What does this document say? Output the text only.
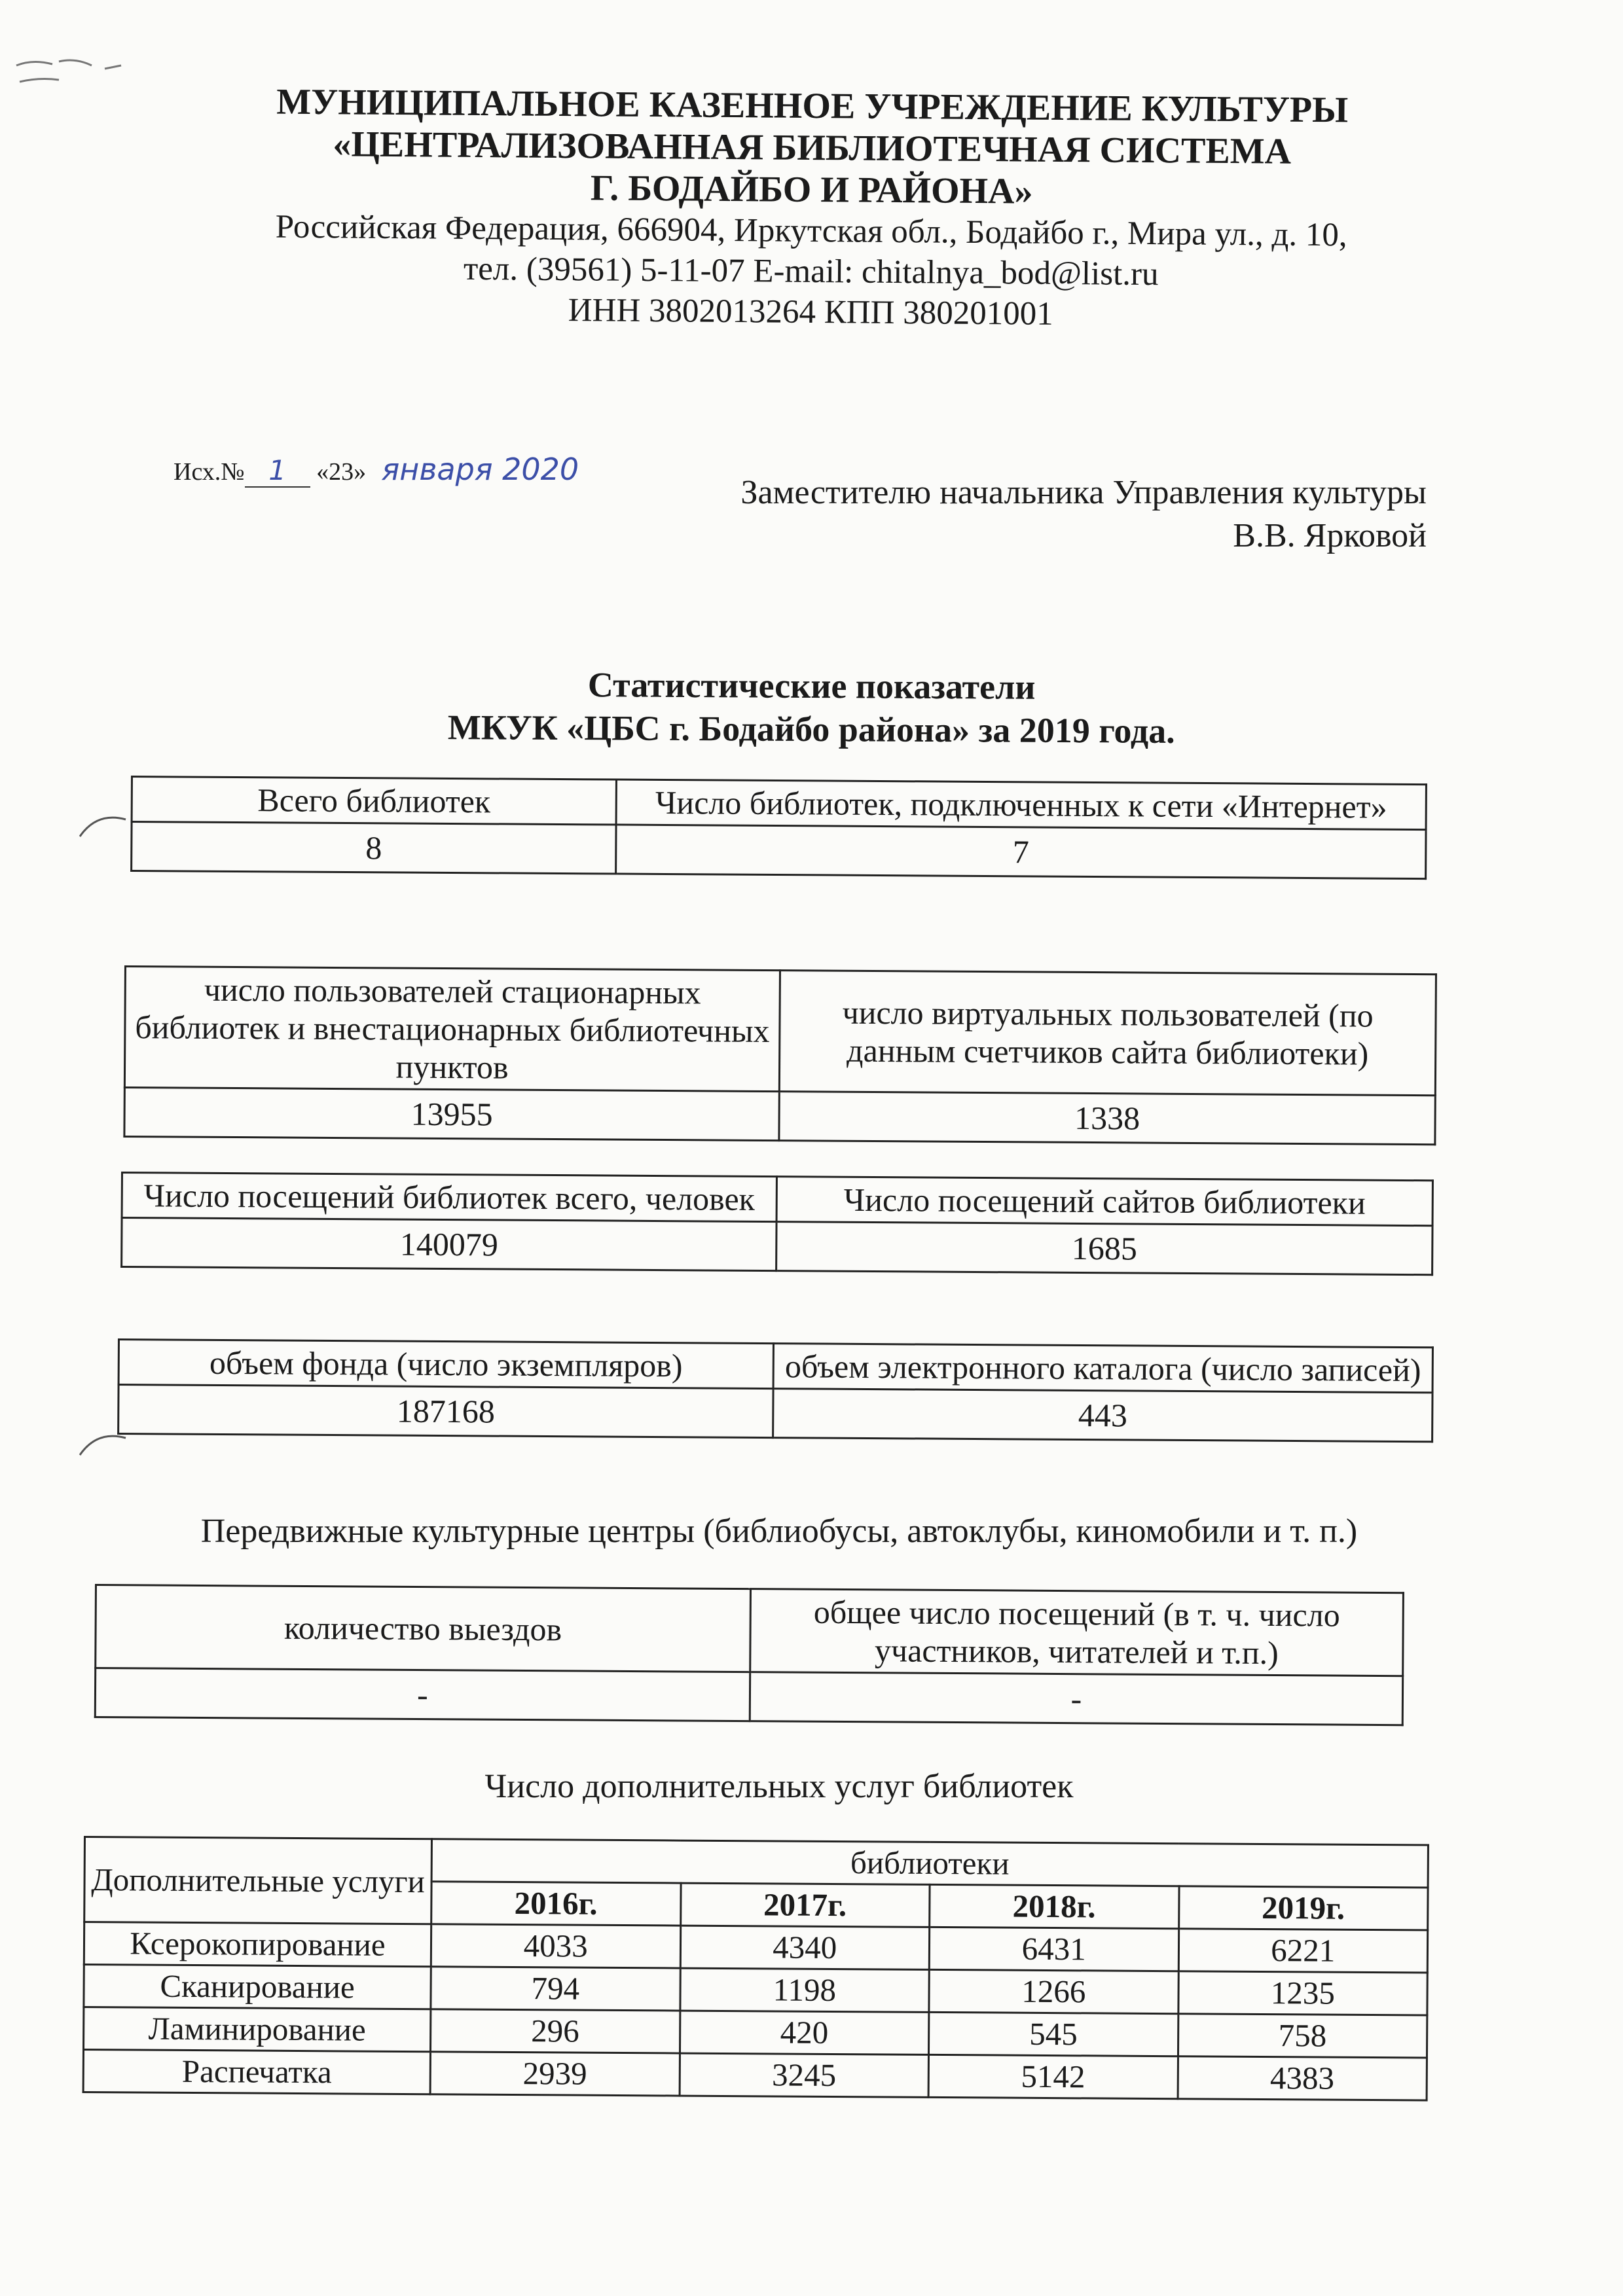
МУНИЦИПАЛЬНОЕ КАЗЕННОЕ УЧРЕЖДЕНИЕ КУЛЬТУРЫ
«ЦЕНТРАЛИЗОВАННАЯ БИБЛИОТЕЧНАЯ СИСТЕМА
Г. БОДАЙБО И РАЙОНА»
Российская Федерация, 666904, Иркутская обл., Бодайбо г., Мира ул., д. 10,
тел. (39561) 5-11-07 E-mail: chitalnya_bod@list.ru
ИНН 3802013264 КПП 380201001
Исх.№ 1 «23» января 2020
Заместителю начальника Управления культуры
В.В. Ярковой
Статистические показатели
МКУК «ЦБС г. Бодайбо района» за 2019 года.
Всего библиотек	Число библиотек, подключенных к сети «Интернет»
8	7
число пользователей стационарных библиотек и внестационарных библиотечных пунктов	число виртуальных пользователей (по данным счетчиков сайта библиотеки)
13955	1338
Число посещений библиотек всего, человек	Число посещений сайтов библиотеки
140079	1685
объем фонда (число экземпляров)	объем электронного каталога (число записей)
187168	443
Передвижные культурные центры (библиобусы, автоклубы, киномобили и т. п.)
количество выездов	общее число посещений (в т. ч. число участников, читателей и т.п.)
-	-
Число дополнительных услуг библиотек
Дополнительные услуги	библиотеки			
	2016г.	2017г.	2018г.	2019г.
Ксерокопирование	4033	4340	6431	6221
Сканирование	794	1198	1266	1235
Ламинирование	296	420	545	758
Распечатка	2939	3245	5142	4383
